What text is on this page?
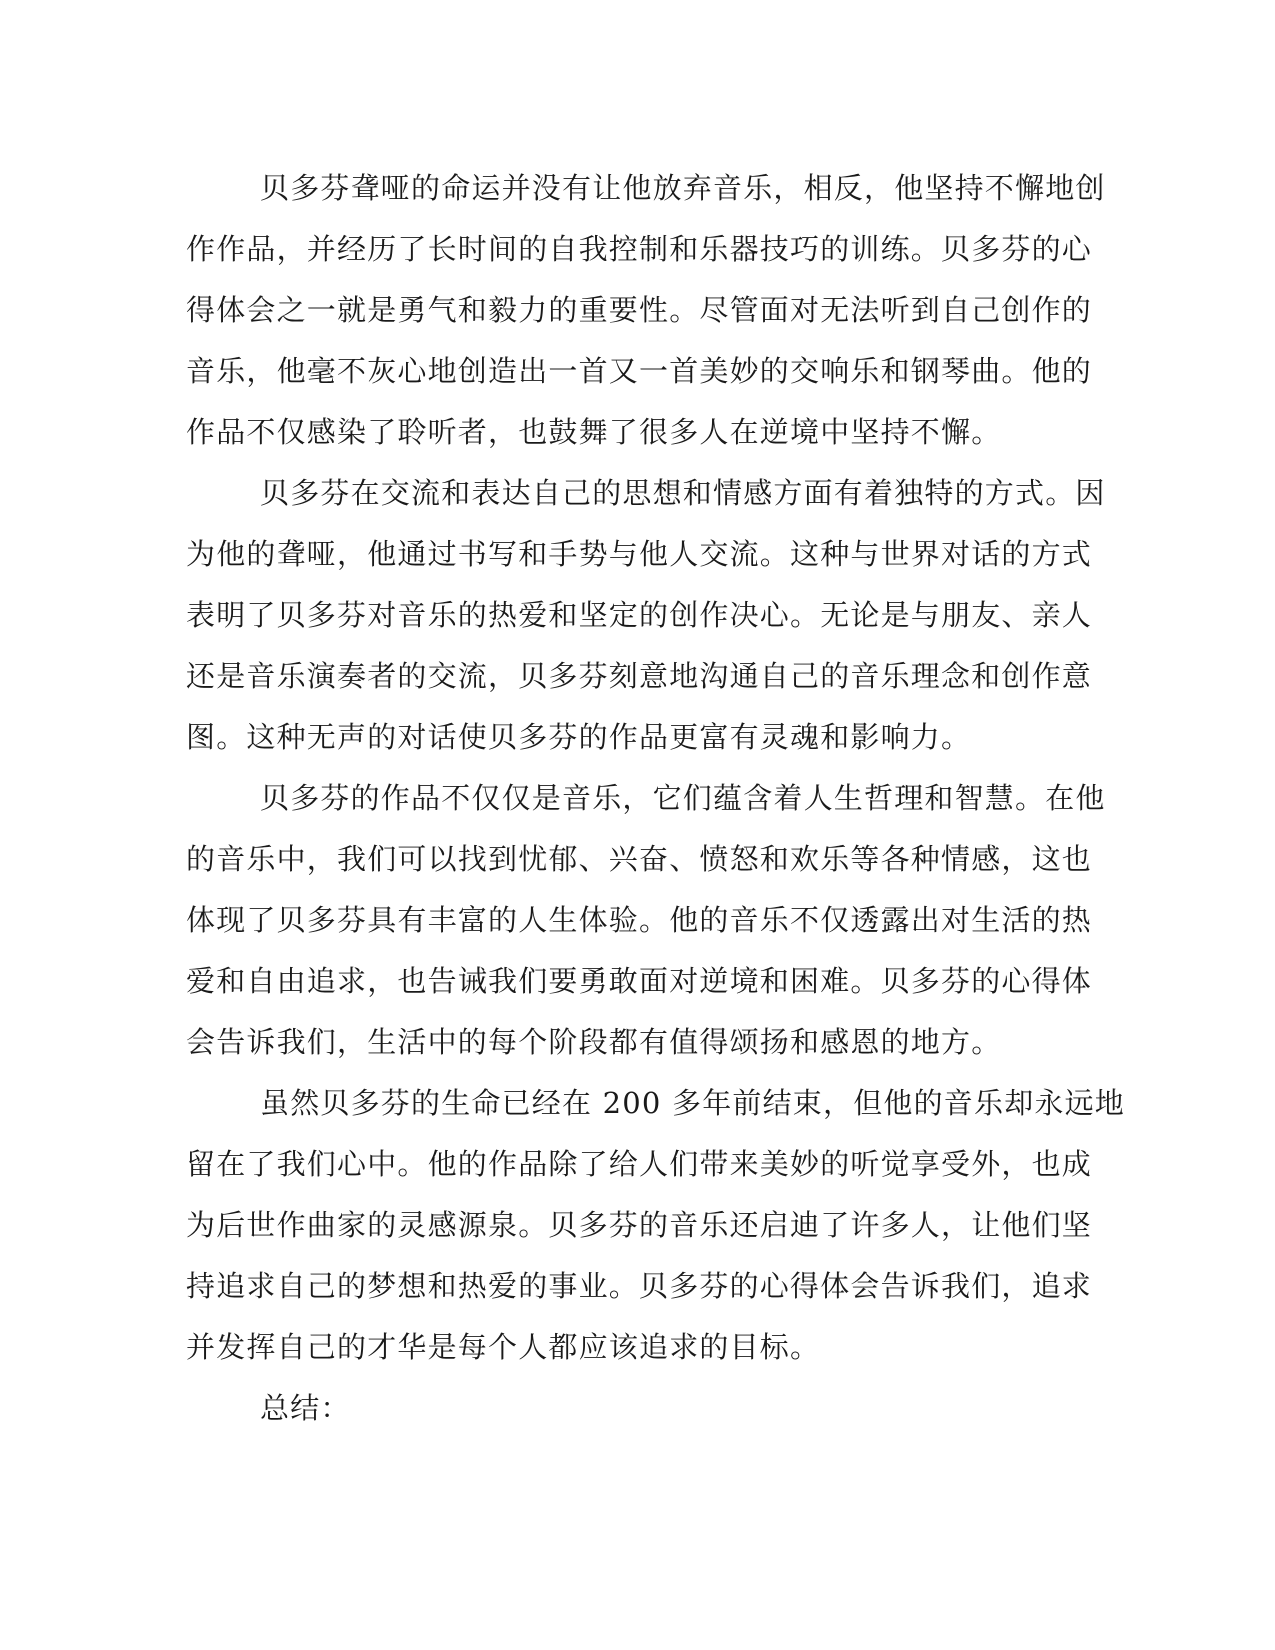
贝多芬聋哑的命运并没有让他放弃音乐，相反，他坚持不懈地创
作作品，并经历了长时间的自我控制和乐器技巧的训练。贝多芬的心
得体会之一就是勇气和毅力的重要性。尽管面对无法听到自己创作的
音乐，他毫不灰心地创造出一首又一首美妙的交响乐和钢琴曲。他的
作品不仅感染了聆听者，也鼓舞了很多人在逆境中坚持不懈。
贝多芬在交流和表达自己的思想和情感方面有着独特的方式。因
为他的聋哑，他通过书写和手势与他人交流。这种与世界对话的方式
表明了贝多芬对音乐的热爱和坚定的创作决心。无论是与朋友、亲人
还是音乐演奏者的交流，贝多芬刻意地沟通自己的音乐理念和创作意
图。这种无声的对话使贝多芬的作品更富有灵魂和影响力。
贝多芬的作品不仅仅是音乐，它们蕴含着人生哲理和智慧。在他
的音乐中，我们可以找到忧郁、兴奋、愤怒和欢乐等各种情感，这也
体现了贝多芬具有丰富的人生体验。他的音乐不仅透露出对生活的热
爱和自由追求，也告诫我们要勇敢面对逆境和困难。贝多芬的心得体
会告诉我们，生活中的每个阶段都有值得颂扬和感恩的地方。
虽然贝多芬的生命已经在 200 多年前结束，但他的音乐却永远地
留在了我们心中。他的作品除了给人们带来美妙的听觉享受外，也成
为后世作曲家的灵感源泉。贝多芬的音乐还启迪了许多人，让他们坚
持追求自己的梦想和热爱的事业。贝多芬的心得体会告诉我们，追求
并发挥自己的才华是每个人都应该追求的目标。
总结：
